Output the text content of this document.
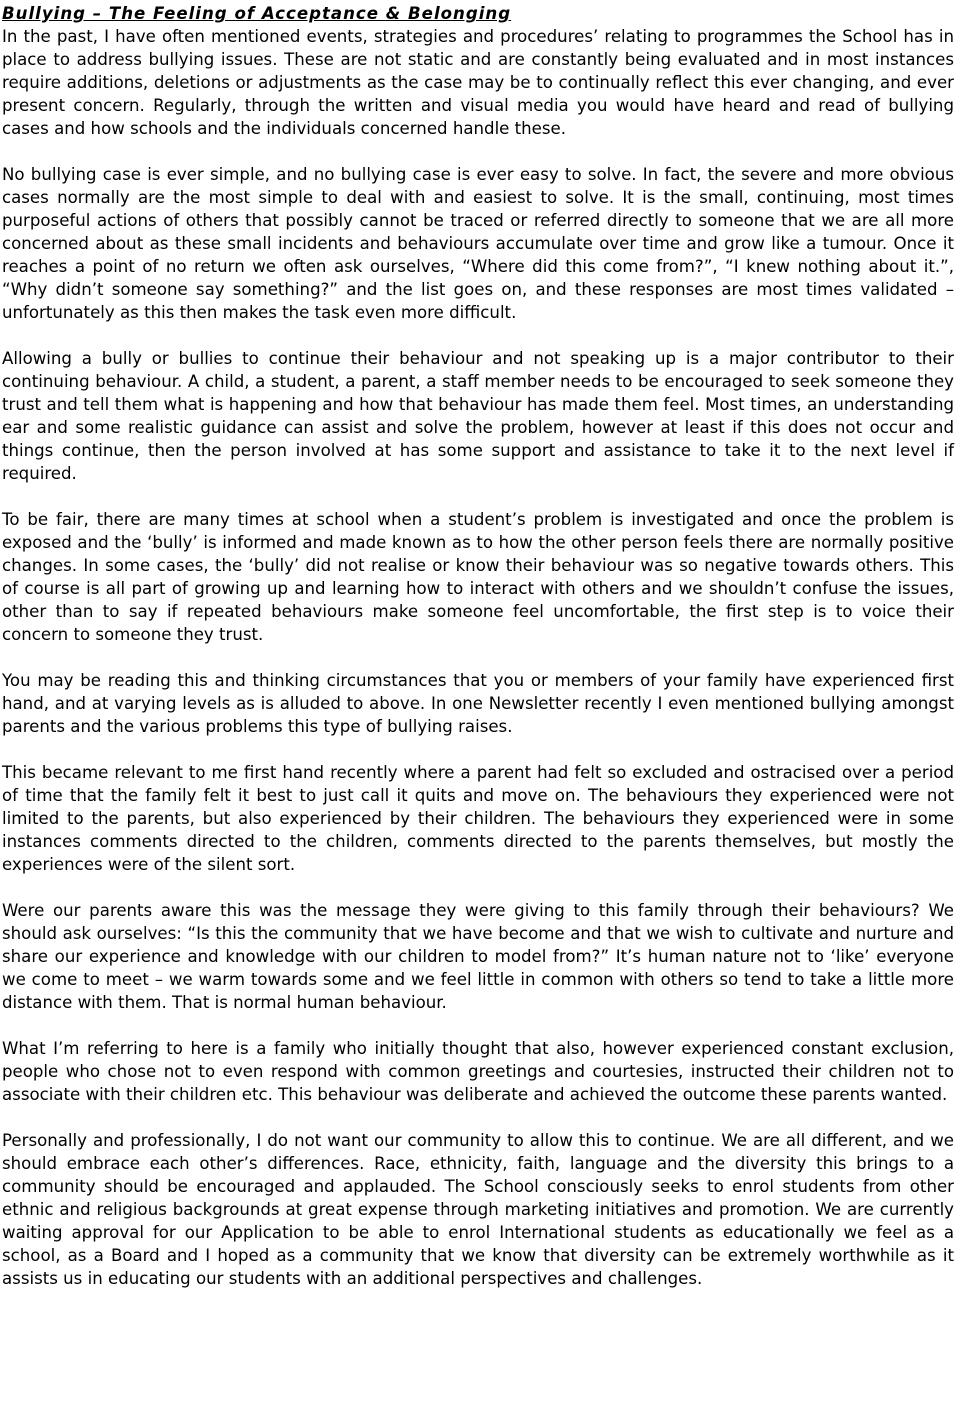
Bullying – The Feeling of Acceptance & Belonging

In the past, I have often mentioned events, strategies and procedures’ relating to programmes the School has in place to address bullying issues. These are not static and are constantly being evaluated and in most instances require additions, deletions or adjustments as the case may be to continually reflect this ever changing, and ever present concern. Regularly, through the written and visual media you would have heard and read of bullying cases and how schools and the individuals concerned handle these.

No bullying case is ever simple, and no bullying case is ever easy to solve. In fact, the severe and more obvious cases normally are the most simple to deal with and easiest to solve. It is the small, continuing, most times purposeful actions of others that possibly cannot be traced or referred directly to someone that we are all more concerned about as these small incidents and behaviours accumulate over time and grow like a tumour. Once it reaches a point of no return we often ask ourselves, “Where did this come from?”, “I knew nothing about it.”, “Why didn’t someone say something?” and the list goes on, and these responses are most times validated – unfortunately as this then makes the task even more difficult.

Allowing a bully or bullies to continue their behaviour and not speaking up is a major contributor to their continuing behaviour. A child, a student, a parent, a staff member needs to be encouraged to seek someone they trust and tell them what is happening and how that behaviour has made them feel. Most times, an understanding ear and some realistic guidance can assist and solve the problem, however at least if this does not occur and things continue, then the person involved at has some support and assistance to take it to the next level if required.

To be fair, there are many times at school when a student’s problem is investigated and once the problem is exposed and the ‘bully’ is informed and made known as to how the other person feels there are normally positive changes. In some cases, the ‘bully’ did not realise or know their behaviour was so negative towards others. This of course is all part of growing up and learning how to interact with others and we shouldn’t confuse the issues, other than to say if repeated behaviours make someone feel uncomfortable, the first step is to voice their concern to someone they trust.

You may be reading this and thinking circumstances that you or members of your family have experienced first hand, and at varying levels as is alluded to above. In one Newsletter recently I even mentioned bullying amongst parents and the various problems this type of bullying raises.

This became relevant to me first hand recently where a parent had felt so excluded and ostracised over a period of time that the family felt it best to just call it quits and move on. The behaviours they experienced were not limited to the parents, but also experienced by their children. The behaviours they experienced were in some instances comments directed to the children, comments directed to the parents themselves, but mostly the experiences were of the silent sort.

Were our parents aware this was the message they were giving to this family through their behaviours? We should ask ourselves: “Is this the community that we have become and that we wish to cultivate and nurture and share our experience and knowledge with our children to model from?” It’s human nature not to ‘like’ everyone we come to meet – we warm towards some and we feel little in common with others so tend to take a little more distance with them. That is normal human behaviour.

What I’m referring to here is a family who initially thought that also, however experienced constant exclusion, people who chose not to even respond with common greetings and courtesies, instructed their children not to associate with their children etc. This behaviour was deliberate and achieved the outcome these parents wanted.

Personally and professionally, I do not want our community to allow this to continue. We are all different, and we should embrace each other’s differences. Race, ethnicity, faith, language and the diversity this brings to a community should be encouraged and applauded. The School consciously seeks to enrol students from other ethnic and religious backgrounds at great expense through marketing initiatives and promotion. We are currently waiting approval for our Application to be able to enrol International students as educationally we feel as a school, as a Board and I hoped as a community that we know that diversity can be extremely worthwhile as it assists us in educating our students with an additional perspectives and challenges.
